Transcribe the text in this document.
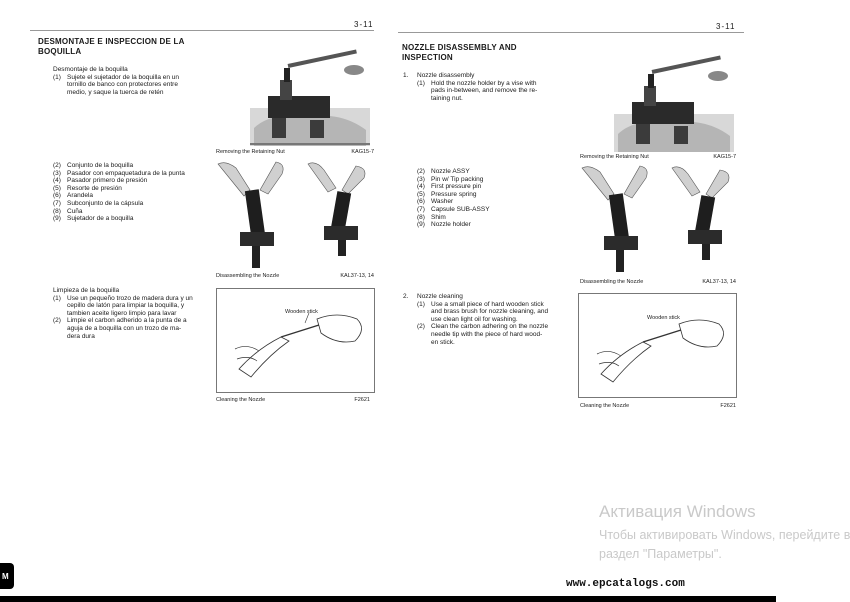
3-11
DESMONTAJE E INSPECCION DE LA
BOQUILLA
Desmontaje de la boquilla
(1) Sujete el sujetador de la boquilla en un
tornillo de banco con protectores entre
medio, y saque la tuerca de retén
(2) Conjunto de la boquilla
(3) Pasador con empaquetadura de la punta
(4) Pasador primero de presión
(5) Resorte de presión
(6) Arandela
(7) Subconjunto de la cápsula
(8) Cuña
(9) Sujetador de a boquilla
Limpieza de la boquilla
(1) Use un pequeño trozo de madera dura y un
cepillo de latón para limpiar la boquilla, y
tambien aceite ligero limpio para lavar
(2) Limpie el carbon adherido a la punta de a
aguja de a boquilla con un trozo de ma-
dera dura
Removing the Retaining Nut	KAG15-7
Disassembling the Nozzle	KAL37-13, 14
Wooden stick
Cleaning the Nozzle	F2621
3-11
NOZZLE DISASSEMBLY AND
INSPECTION
1.	Nozzle disassembly
(1) Hold the nozzle holder by a vise with
pads in-between, and remove the re-
taining nut.
(2) Nozzle ASSY
(3) Pin w/ Tip packing
(4) First pressure pin
(5) Pressure spring
(6) Washer
(7) Capsule SUB-ASSY
(8) Shim
(9) Nozzle holder
2.	Nozzle cleaning
(1) Use a small piece of hard wooden stick
and brass brush for nozzle cleaning, and
use clean light oil for washing.
(2) Clean the carbon adhering on the nozzle
needle tip with the piece of hard wood-
en stick.
Removing the Retaining Nut	KAG15-7
Disassembling the Nozzle	KAL37-13, 14
Wooden stick
Cleaning the Nozzle	F2621
Активация Windows
Чтобы активировать Windows, перейдите в
раздел "Параметры".
www.epcatalogs.com
M
